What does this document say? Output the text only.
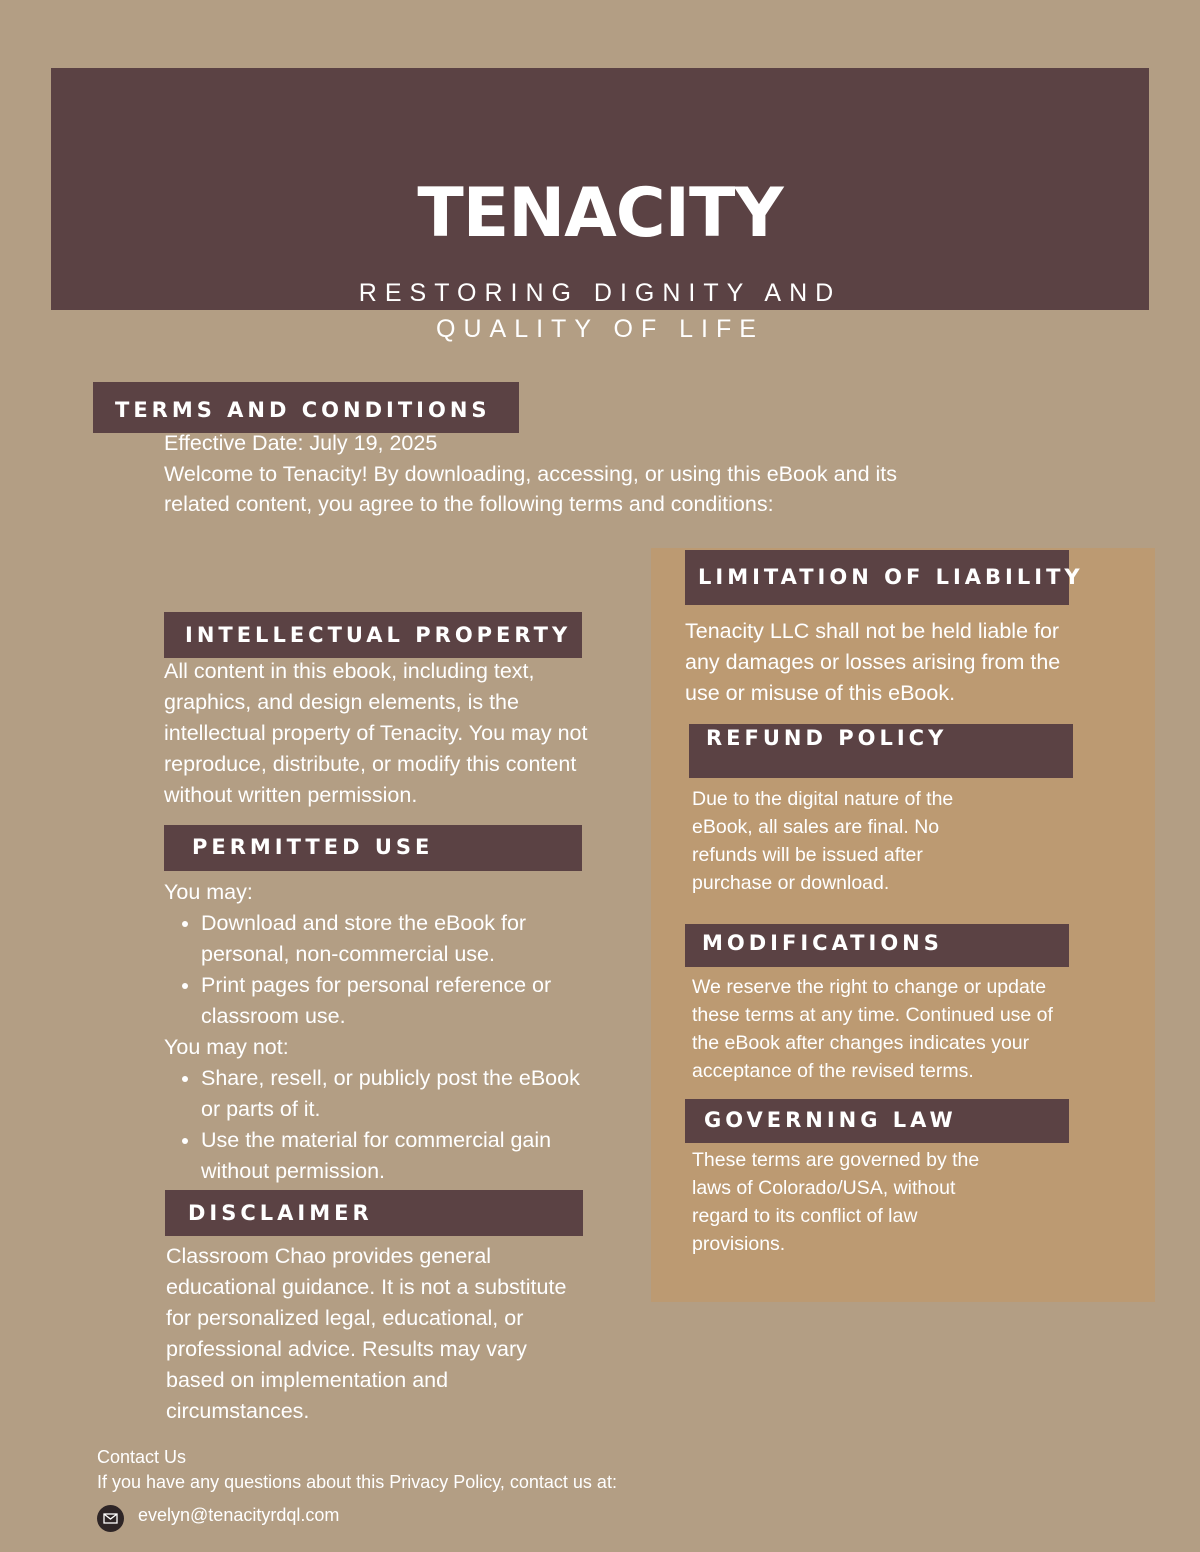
TENACITY
RESTORING DIGNITY AND
QUALITY OF LIFE
TERMS AND CONDITIONS
Effective Date: July 19, 2025
Welcome to Tenacity! By downloading, accessing, or using this eBook and its
related content, you agree to the following terms and conditions:
INTELLECTUAL PROPERTY
All content in this ebook, including text, graphics, and design elements, is the intellectual property of Tenacity. You may not reproduce, distribute, or modify this content without written permission.
PERMITTED USE
You may:
• Download and store the eBook for personal, non-commercial use.
• Print pages for personal reference or classroom use.
You may not:
• Share, resell, or publicly post the eBook or parts of it.
• Use the material for commercial gain without permission.
DISCLAIMER
Classroom Chao provides general educational guidance. It is not a substitute for personalized legal, educational, or professional advice. Results may vary based on implementation and circumstances.
LIMITATION OF LIABILITY
Tenacity LLC shall not be held liable for any damages or losses arising from the use or misuse of this eBook.
REFUND POLICY
Due to the digital nature of the eBook, all sales are final. No refunds will be issued after purchase or download.
MODIFICATIONS
We reserve the right to change or update these terms at any time. Continued use of the eBook after changes indicates your acceptance of the revised terms.
GOVERNING LAW
These terms are governed by the laws of Colorado/USA, without regard to its conflict of law provisions.
Contact Us
If you have any questions about this Privacy Policy, contact us at:
evelyn@tenacityrdql.com
